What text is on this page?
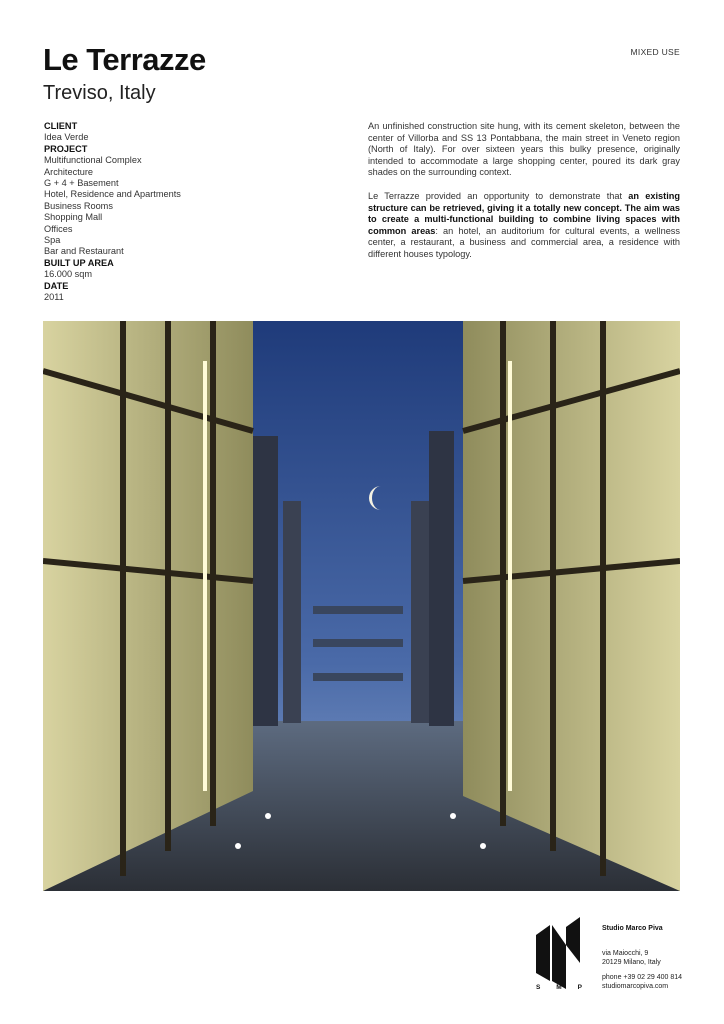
Le Terrazze
Treviso, Italy
MIXED USE
CLIENT
Idea Verde
PROJECT
Multifunctional Complex
Architecture
G + 4 + Basement
Hotel, Residence and Apartments
Business Rooms
Shopping Mall
Offices
Spa
Bar and Restaurant
BUILT UP AREA
16.000 sqm
DATE
2011

An unfinished construction site hung, with its cement skeleton, between the center of Villorba and SS 13 Pontabbana, the main street in Veneto region (North of Italy). For over sixteen years this bulky presence, originally intended to accommodate a large shopping center, poured its dark gray shades on the surrounding context.

Le Terrazze provided an opportunity to demonstrate that an existing structure can be retrieved, giving it a totally new concept. The aim was to create a multi-functional building to combine living spaces with common areas: an hotel, an auditorium for cultural events, a wellness center, a restaurant, a business and commercial area, a residence with different houses typology.

S M P
Studio Marco Piva
via Maiocchi, 9
20129 Milano, Italy
phone +39 02 29 400 814
studiomarcopiva.com
